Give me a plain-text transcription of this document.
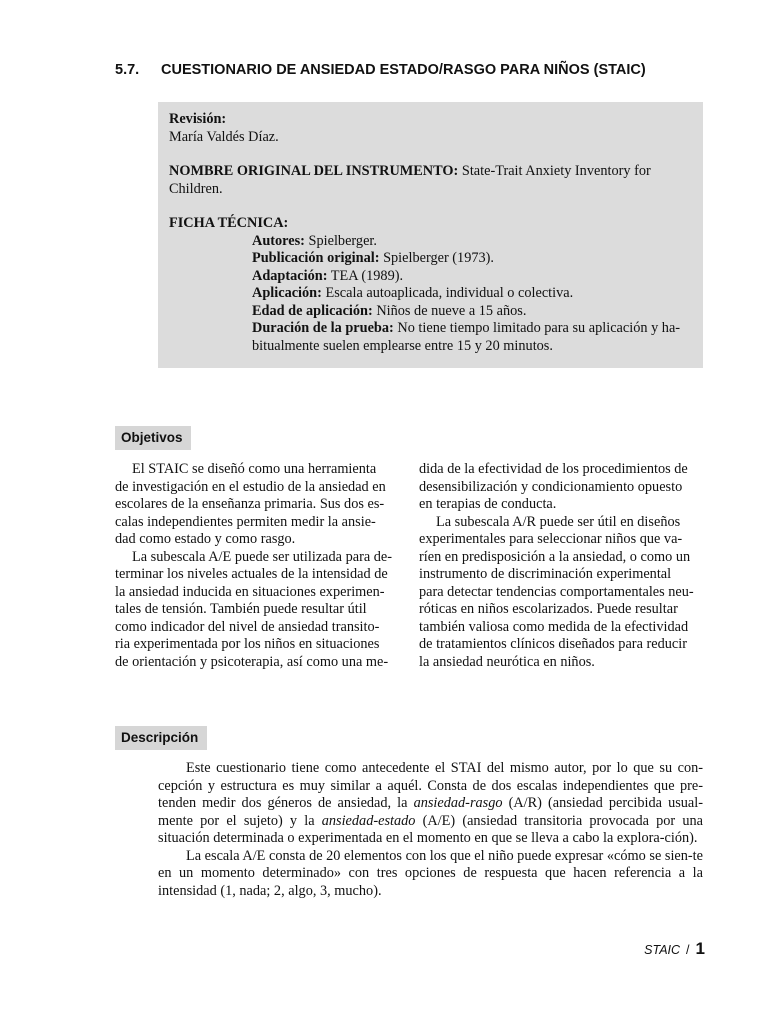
5.7. CUESTIONARIO DE ANSIEDAD ESTADO/RASGO PARA NIÑOS (STAIC)

Revisión:

María Valdés Díaz.

NOMBRE ORIGINAL DEL INSTRUMENTO: State-Trait Anxiety Inventory for

Children.

FICHA TÉCNICA:

Autores: Spielberger.

Publicación original: Spielberger (1973).

Adaptación: TEA (1989).

Aplicación: Escala autoaplicada, individual o colectiva.

Edad de aplicación: Niños de nueve a 15 años.

Duración de la prueba: No tiene tiempo limitado para su aplicación y ha-

bitualmente suelen emplearse entre 15 y 20 minutos.

Objetivos

El STAIC se diseñó como una herramienta

de investigación en el estudio de la ansiedad en

escolares de la enseñanza primaria. Sus dos es-

calas independientes permiten medir la ansie-

dad como estado y como rasgo.

La subescala A/E puede ser utilizada para de-

terminar los niveles actuales de la intensidad de

la ansiedad inducida en situaciones experimen-

tales de tensión. También puede resultar útil

como indicador del nivel de ansiedad transito-

ria experimentada por los niños en situaciones

de orientación y psicoterapia, así como una me-

dida de la efectividad de los procedimientos de

desensibilización y condicionamiento opuesto

en terapias de conducta.

La subescala A/R puede ser útil en diseños

experimentales para seleccionar niños que va-

ríen en predisposición a la ansiedad, o como un

instrumento de discriminación experimental

para detectar tendencias comportamentales neu-

róticas en niños escolarizados. Puede resultar

también valiosa como medida de la efectividad

de tratamientos clínicos diseñados para reducir

la ansiedad neurótica en niños.

Descripción

Este cuestionario tiene como antecedente el STAI del mismo autor, por lo que su con-cepción y estructura es muy similar a aquél. Consta de dos escalas independientes que pre-tenden medir dos géneros de ansiedad, la ansiedad-rasgo (A/R) (ansiedad percibida usual-mente por el sujeto) y la ansiedad-estado (A/E) (ansiedad transitoria provocada por una situación determinada o experimentada en el momento en que se lleva a cabo la explora-ción).

La escala A/E consta de 20 elementos con los que el niño puede expresar «cómo se sien-te en un momento determinado» con tres opciones de respuesta que hacen referencia a la intensidad (1, nada; 2, algo, 3, mucho).

STAIC / 1
